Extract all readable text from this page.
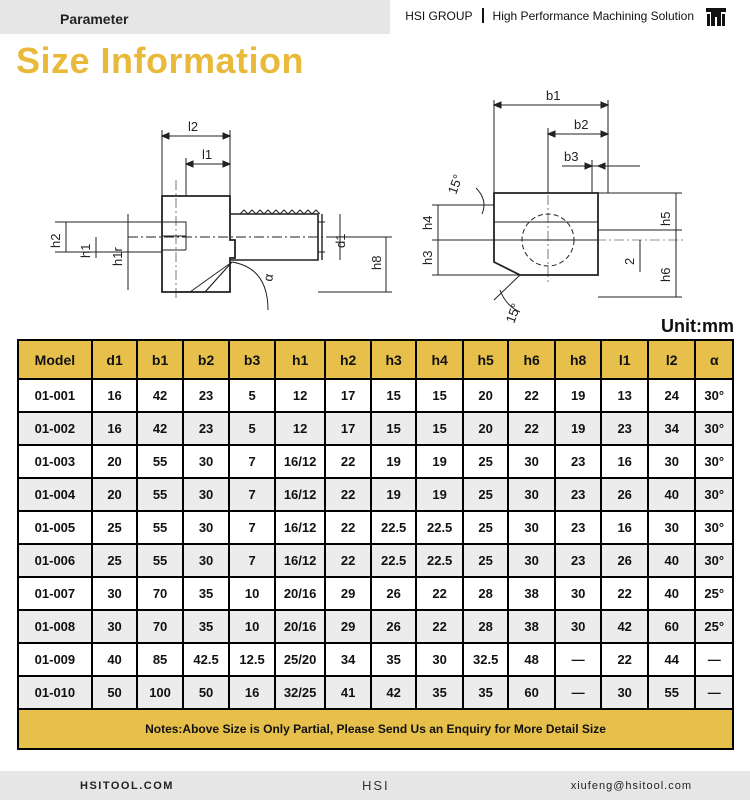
Parameter	HSI GROUP High Performance Machining Solution
Size Information
l2
l1
h2
h1 h1r
d1
h8
α
b1
b2
b3
h4
h3
15°
h5
h6
2
15°
Unit:mm
Model	d1	b1	b2	b3	h1	h2	h3	h4	h5	h6	h8	l1	l2	α
01-001	16	42	23	5	12	17	15	15	20	22	19	13	24	30°
01-002	16	42	23	5	12	17	15	15	20	22	19	23	34	30°
01-003	20	55	30	7	16/12	22	19	19	25	30	23	16	30	30°
01-004	20	55	30	7	16/12	22	19	19	25	30	23	26	40	30°
01-005	25	55	30	7	16/12	22	22.5	22.5	25	30	23	16	30	30°
01-006	25	55	30	7	16/12	22	22.5	22.5	25	30	23	26	40	30°
01-007	30	70	35	10	20/16	29	26	22	28	38	30	22	40	25°
01-008	30	70	35	10	20/16	29	26	22	28	38	30	42	60	25°
01-009	40	85	42.5	12.5	25/20	34	35	30	32.5	48	—	22	44	—
01-010	50	100	50	16	32/25	41	42	35	35	60	—	30	55	—
Notes:Above Size is Only Partial, Please Send Us an Enquiry for More Detail Size														
HSITOOL.COM	HSI	xiufeng@hsitool.com
